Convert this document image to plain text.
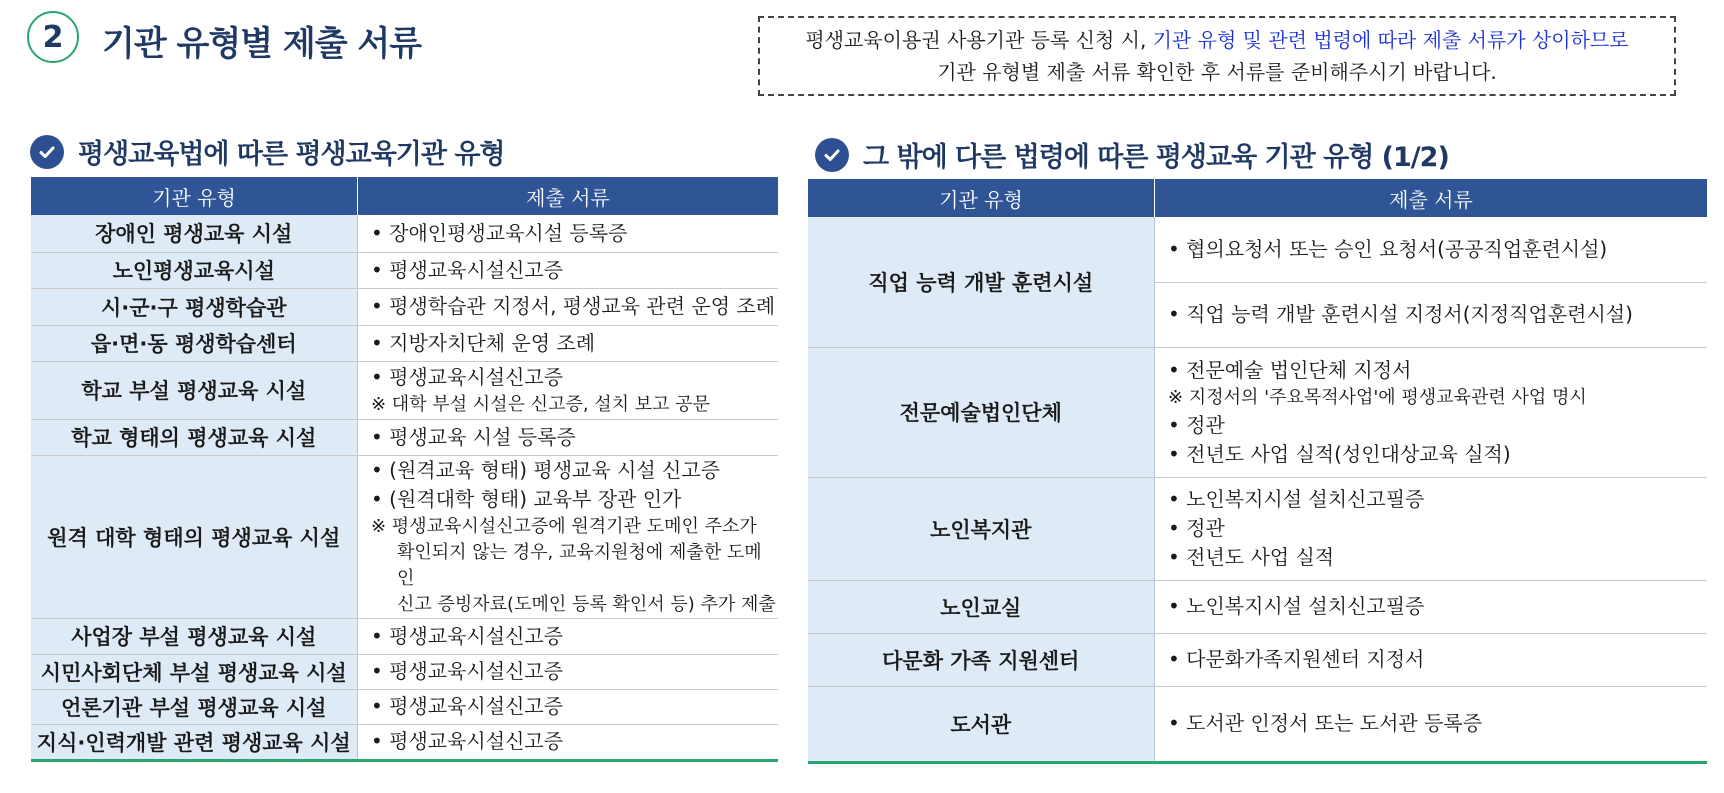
2 기관 유형별 제출 서류	평생교육이용권 사용기관 등록 신청 시, 기관 유형 및 관련 법령에 따라 제출 서류가 상이하므로
기관 유형별 제출 서류 확인한 후 서류를 준비해주시기 바랍니다.
평생교육법에 따른 평생교육기관 유형	그 밖에 다른 법령에 따른 평생교육 기관 유형 (1/2)
기관 유형	제출 서류
장애인 평생교육 시설	• 장애인평생교육시설 등록증

노인평생교육시설	• 평생교육시설신고증

시·군·구 평생학습관	• 평생학습관 지정서, 평생교육 관련 운영 조례

읍·면·동 평생학습센터	• 지방자치단체 운영 조례

학교 부설 평생교육 시설	• 평생교육시설신고증
※ 대학 부설 시설은 신고증, 설치 보고 공문

학교 형태의 평생교육 시설	• 평생교육 시설 등록증

원격 대학 형태의 평생교육 시설	• (원격교육 형태) 평생교육 시설 신고증
• (원격대학 형태) 교육부 장관 인가
※ 평생교육시설신고증에 원격기관 도메인 주소가
확인되지 않는 경우, 교육지원청에 제출한 도메인
신고 증빙자료(도메인 등록 확인서 등) 추가 제출

사업장 부설 평생교육 시설	• 평생교육시설신고증

시민사회단체 부설 평생교육 시설	• 평생교육시설신고증

언론기관 부설 평생교육 시설	• 평생교육시설신고증

지식·인력개발 관련 평생교육 시설	• 평생교육시설신고증
기관 유형	제출 서류
직업 능력 개발 훈련시설	• 협의요청서 또는 승인 요청서(공공직업훈련시설)

	• 직업 능력 개발 훈련시설 지정서(지정직업훈련시설)

전문예술법인단체	• 전문예술 법인단체 지정서
※ 지정서의 '주요목적사업'에 평생교육관련 사업 명시
• 정관
• 전년도 사업 실적(성인대상교육 실적)

노인복지관	• 노인복지시설 설치신고필증
• 정관
• 전년도 사업 실적

노인교실	• 노인복지시설 설치신고필증

다문화 가족 지원센터	• 다문화가족지원센터 지정서

도서관	• 도서관 인정서 또는 도서관 등록증
